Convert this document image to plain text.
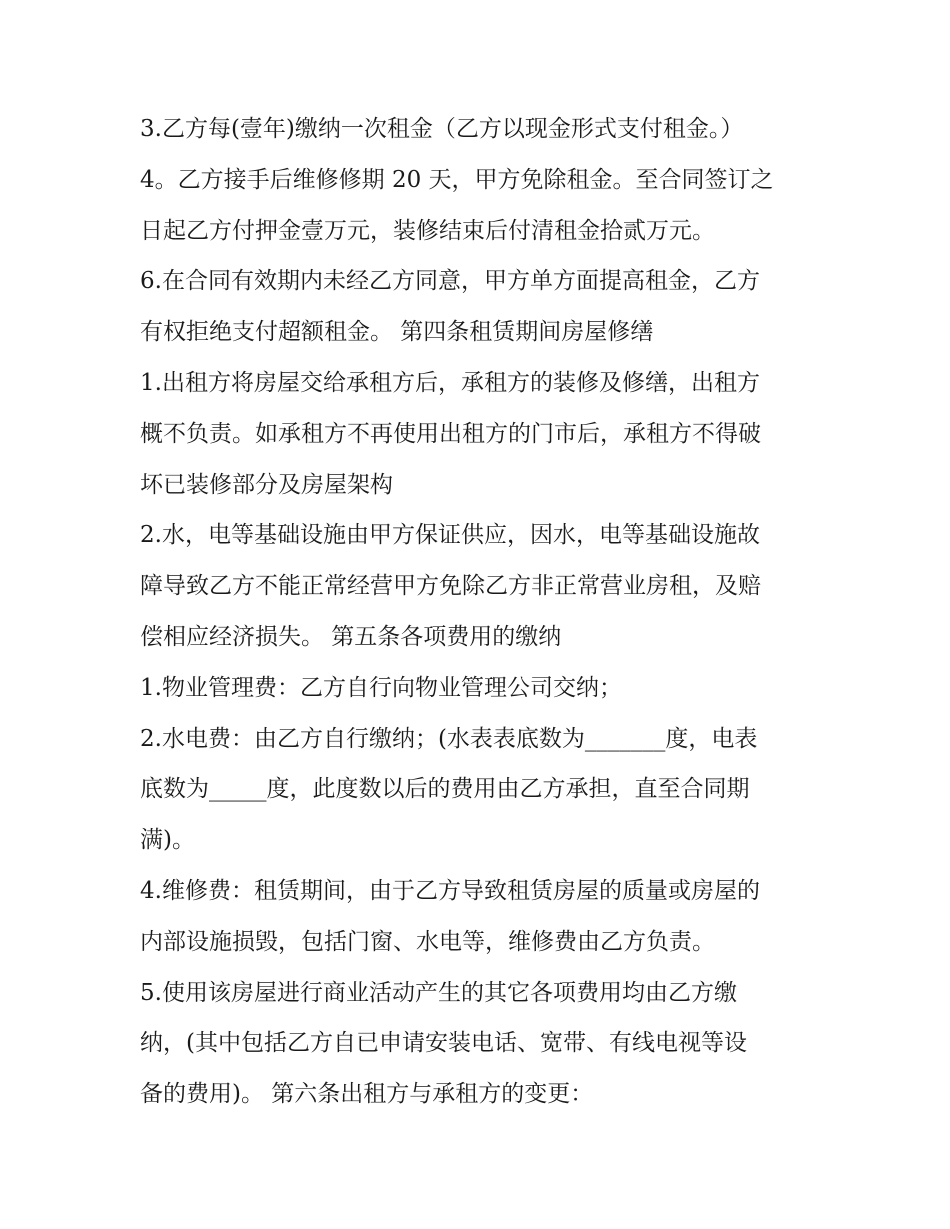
3.乙方每(壹年)缴纳一次租金（乙方以现金形式支付租金。）
4。乙方接手后维修修期 20 天，甲方免除租金。至合同签订之
日起乙方付押金壹万元，装修结束后付清租金拾贰万元。
6.在合同有效期内未经乙方同意，甲方单方面提高租金，乙方
有权拒绝支付超额租金。 第四条租赁期间房屋修缮
1.出租方将房屋交给承租方后，承租方的装修及修缮，出租方
概不负责。如承租方不再使用出租方的门市后，承租方不得破
坏已装修部分及房屋架构
2.水，电等基础设施由甲方保证供应，因水，电等基础设施故
障导致乙方不能正常经营甲方免除乙方非正常营业房租，及赔
偿相应经济损失。 第五条各项费用的缴纳
1.物业管理费：乙方自行向物业管理公司交纳；
2.水电费：由乙方自行缴纳；(水表表底数为_______度，电表
底数为_____度，此度数以后的费用由乙方承担，直至合同期
满)。
4.维修费：租赁期间，由于乙方导致租赁房屋的质量或房屋的
内部设施损毁，包括门窗、水电等，维修费由乙方负责。
5.使用该房屋进行商业活动产生的其它各项费用均由乙方缴
纳，(其中包括乙方自已申请安装电话、宽带、有线电视等设
备的费用)。 第六条出租方与承租方的变更：
